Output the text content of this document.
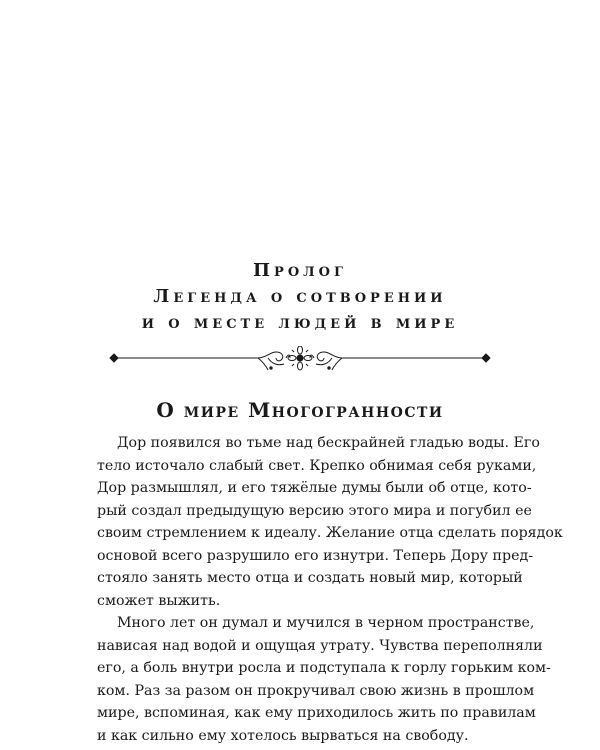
Пролог
Легенда о сотворении
и о месте людей в мире
О мире Многогранности

Дор появился во тьме над бескрайней гладью воды. Его
тело источало слабый свет. Крепко обнимая себя руками,
Дор размышлял, и его тяжёлые думы были об отце, кото-
рый создал предыдущую версию этого мира и погубил ее
своим стремлением к идеалу. Желание отца сделать порядок
основой всего разрушило его изнутри. Теперь Дору пред-
стояло занять место отца и создать новый мир, который
сможет выжить.

Много лет он думал и мучился в черном пространстве,
нависая над водой и ощущая утрату. Чувства переполняли
его, а боль внутри росла и подступала к горлу горьким ком-
ком. Раз за разом он прокручивал свою жизнь в прошлом
мире, вспоминая, как ему приходилось жить по правилам
и как сильно ему хотелось вырваться на свободу.
